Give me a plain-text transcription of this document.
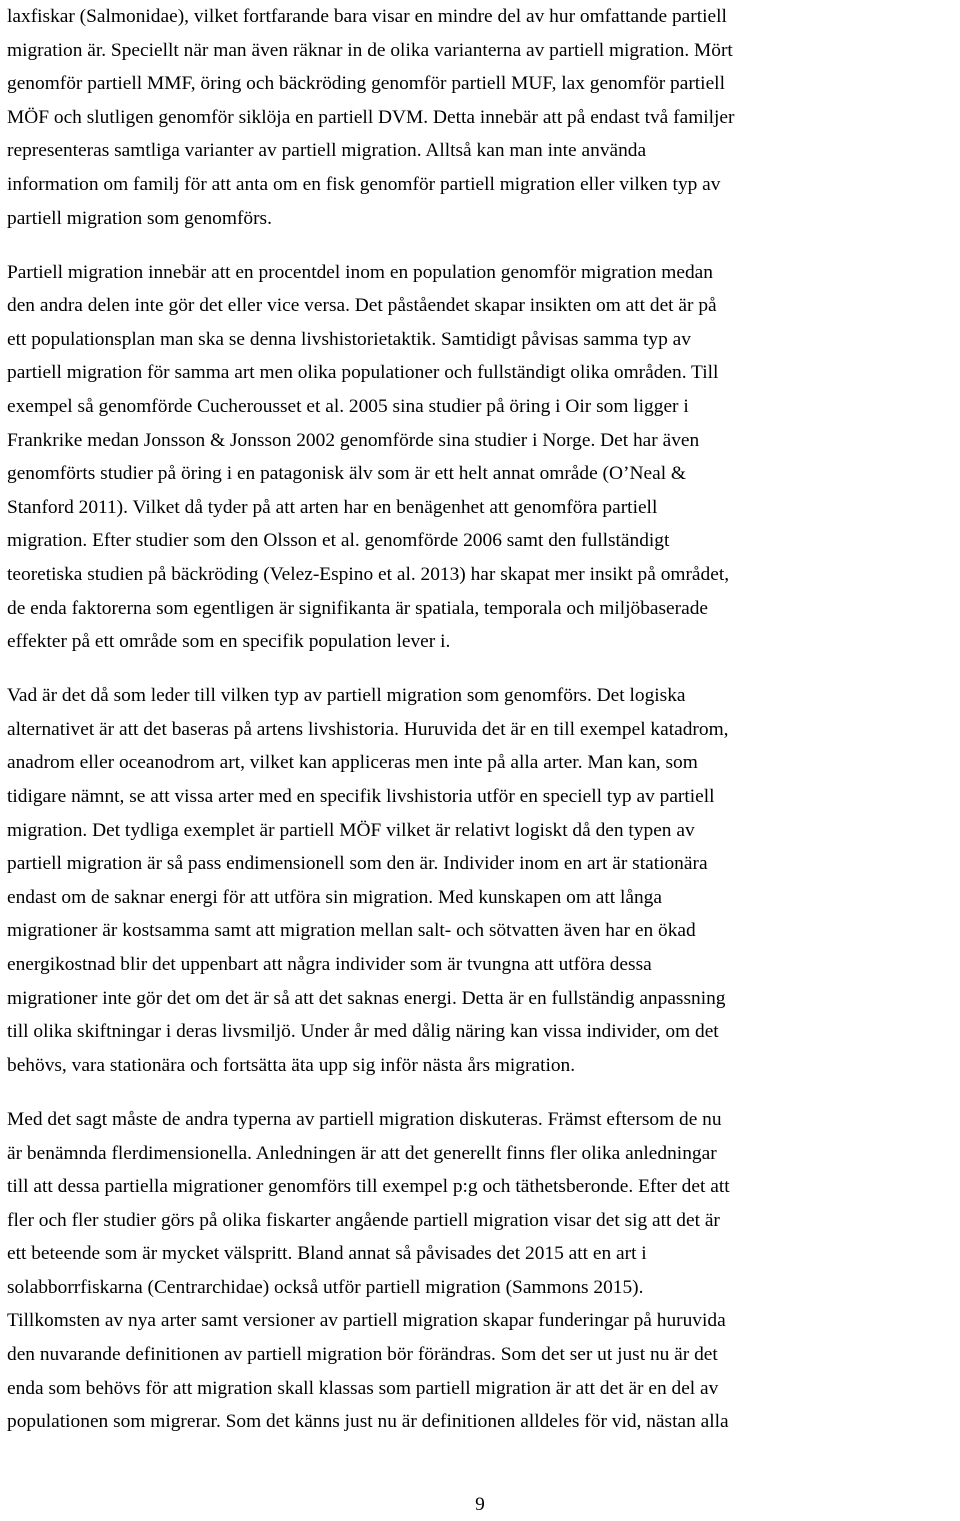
laxfiskar (Salmonidae), vilket fortfarande bara visar en mindre del av hur omfattande partiell
migration är. Speciellt när man även räknar in de olika varianterna av partiell migration. Mört
genomför partiell MMF, öring och bäckröding genomför partiell MUF, lax genomför partiell
MÖF och slutligen genomför siklöja en partiell DVM. Detta innebär att på endast två familjer
representeras samtliga varianter av partiell migration. Alltså kan man inte använda
information om familj för att anta om en fisk genomför partiell migration eller vilken typ av
partiell migration som genomförs.
Partiell migration innebär att en procentdel inom en population genomför migration medan
den andra delen inte gör det eller vice versa. Det påståendet skapar insikten om att det är på
ett populationsplan man ska se denna livshistorietaktik. Samtidigt påvisas samma typ av
partiell migration för samma art men olika populationer och fullständigt olika områden. Till
exempel så genomförde Cucherousset et al. 2005 sina studier på öring i Oir som ligger i
Frankrike medan Jonsson & Jonsson 2002 genomförde sina studier i Norge. Det har även
genomförts studier på öring i en patagonisk älv som är ett helt annat område (O’Neal &
Stanford 2011). Vilket då tyder på att arten har en benägenhet att genomföra partiell
migration. Efter studier som den Olsson et al. genomförde 2006 samt den fullständigt
teoretiska studien på bäckröding (Velez-Espino et al. 2013) har skapat mer insikt på området,
de enda faktorerna som egentligen är signifikanta är spatiala, temporala och miljöbaserade
effekter på ett område som en specifik population lever i.
Vad är det då som leder till vilken typ av partiell migration som genomförs. Det logiska
alternativet är att det baseras på artens livshistoria. Huruvida det är en till exempel katadrom,
anadrom eller oceanodrom art, vilket kan appliceras men inte på alla arter. Man kan, som
tidigare nämnt, se att vissa arter med en specifik livshistoria utför en speciell typ av partiell
migration. Det tydliga exemplet är partiell MÖF vilket är relativt logiskt då den typen av
partiell migration är så pass endimensionell som den är. Individer inom en art är stationära
endast om de saknar energi för att utföra sin migration. Med kunskapen om att långa
migrationer är kostsamma samt att migration mellan salt- och sötvatten även har en ökad
energikostnad blir det uppenbart att några individer som är tvungna att utföra dessa
migrationer inte gör det om det är så att det saknas energi. Detta är en fullständig anpassning
till olika skiftningar i deras livsmiljö. Under år med dålig näring kan vissa individer, om det
behövs, vara stationära och fortsätta äta upp sig inför nästa års migration.
Med det sagt måste de andra typerna av partiell migration diskuteras. Främst eftersom de nu
är benämnda flerdimensionella. Anledningen är att det generellt finns fler olika anledningar
till att dessa partiella migrationer genomförs till exempel p:g och täthetsberonde. Efter det att
fler och fler studier görs på olika fiskarter angående partiell migration visar det sig att det är
ett beteende som är mycket välspritt. Bland annat så påvisades det 2015 att en art i
solabborrfiskarna (Centrarchidae) också utför partiell migration (Sammons 2015).
Tillkomsten av nya arter samt versioner av partiell migration skapar funderingar på huruvida
den nuvarande definitionen av partiell migration bör förändras. Som det ser ut just nu är det
enda som behövs för att migration skall klassas som partiell migration är att det är en del av
populationen som migrerar. Som det känns just nu är definitionen alldeles för vid, nästan alla
9
